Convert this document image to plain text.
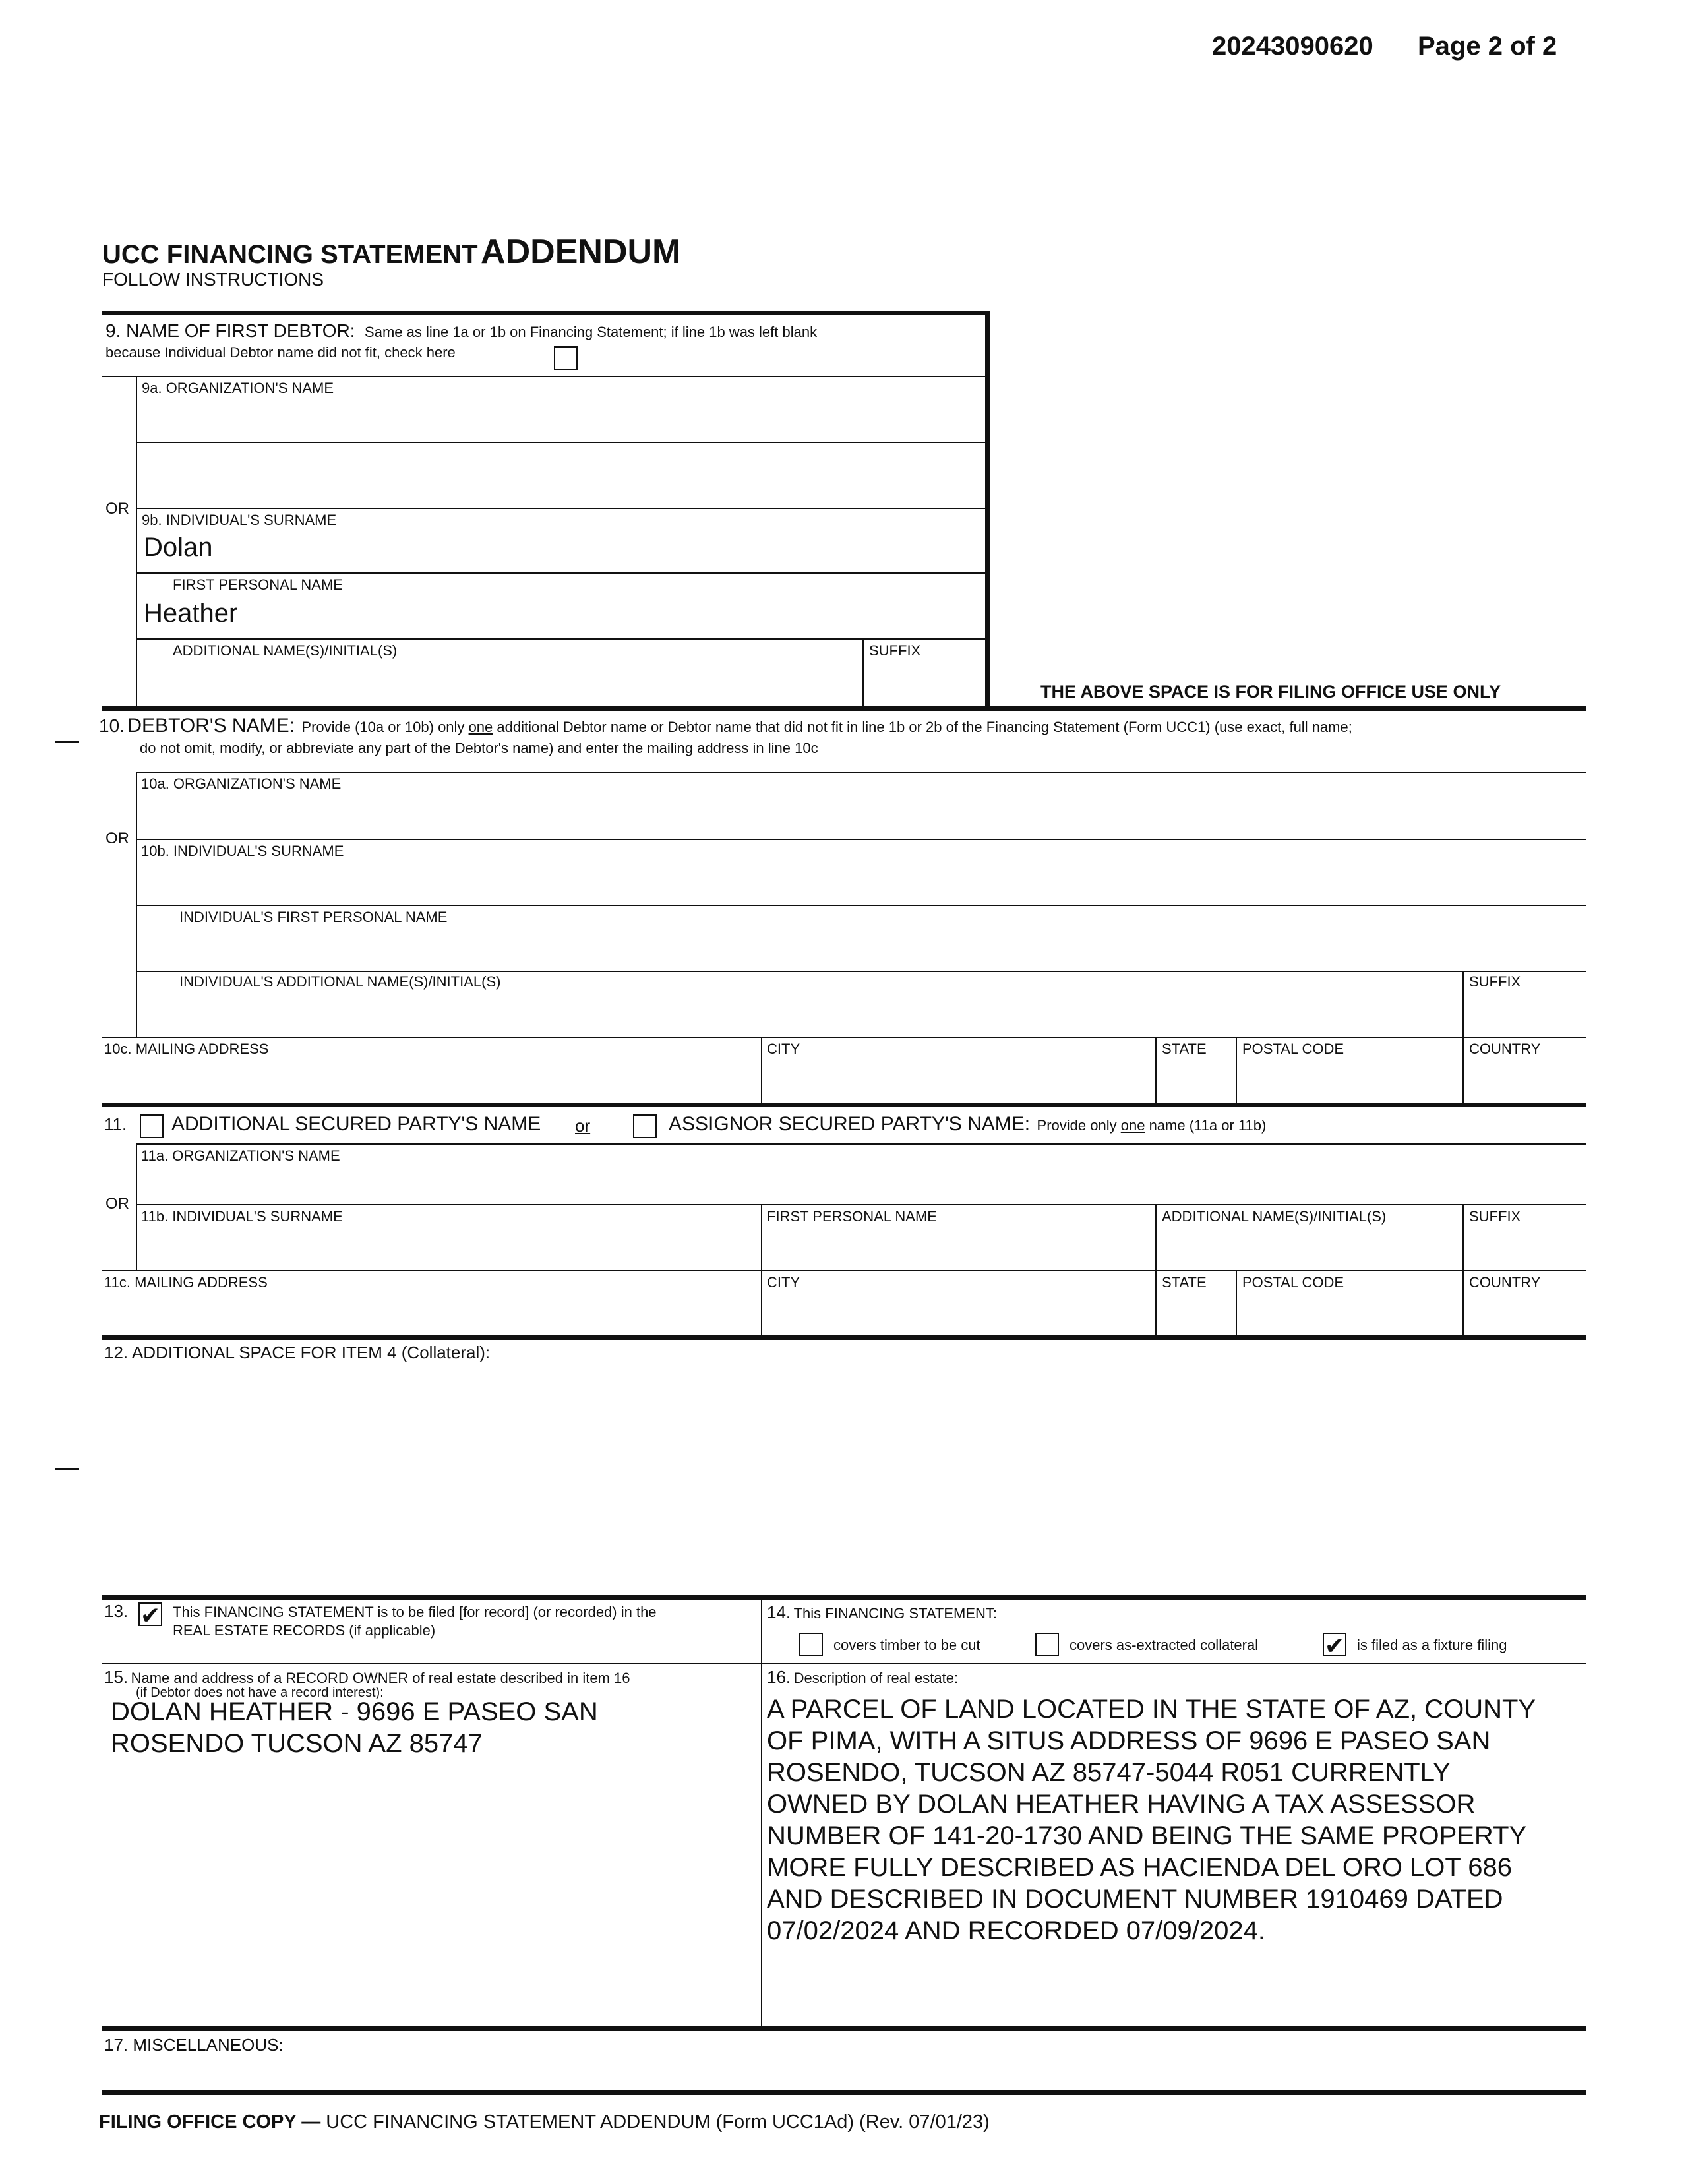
20243090620 Page 2 of 2
UCC FINANCING STATEMENT ADDENDUM
FOLLOW INSTRUCTIONS
9. NAME OF FIRST DEBTOR: Same as line 1a or 1b on Financing Statement; if line 1b was left blank
because Individual Debtor name did not fit, check here
9a. ORGANIZATION'S NAME
OR
9b. INDIVIDUAL'S SURNAME
Dolan
FIRST PERSONAL NAME
Heather
ADDITIONAL NAME(S)/INITIAL(S)	SUFFIX
THE ABOVE SPACE IS FOR FILING OFFICE USE ONLY
10. DEBTOR'S NAME: Provide (10a or 10b) only one additional Debtor name or Debtor name that did not fit in line 1b or 2b of the Financing Statement (Form UCC1) (use exact, full name;
do not omit, modify, or abbreviate any part of the Debtor's name) and enter the mailing address in line 10c
10a. ORGANIZATION'S NAME
OR
10b. INDIVIDUAL'S SURNAME
INDIVIDUAL'S FIRST PERSONAL NAME
INDIVIDUAL'S ADDITIONAL NAME(S)/INITIAL(S)	SUFFIX
10c. MAILING ADDRESS	CITY	STATE POSTAL CODE	COUNTRY
11. ADDITIONAL SECURED PARTY'S NAME or	ASSIGNOR SECURED PARTY'S NAME: Provide only one name (11a or 11b)
11a. ORGANIZATION'S NAME
OR
11b. INDIVIDUAL'S SURNAME	FIRST PERSONAL NAME	ADDITIONAL NAME(S)/INITIAL(S)	SUFFIX
11c. MAILING ADDRESS	CITY	STATE POSTAL CODE	COUNTRY
12. ADDITIONAL SPACE FOR ITEM 4 (Collateral):
13. ✔ This FINANCING STATEMENT is to be filed [for record] (or recorded) in the
REAL ESTATE RECORDS (if applicable)
14. This FINANCING STATEMENT:
covers timber to be cut	covers as-extracted collateral	✔ is filed as a fixture filing
15. Name and address of a RECORD OWNER of real estate described in item 16
(if Debtor does not have a record interest):
DOLAN HEATHER - 9696 E PASEO SAN
ROSENDO TUCSON AZ 85747
16. Description of real estate:
A PARCEL OF LAND LOCATED IN THE STATE OF AZ, COUNTY
OF PIMA, WITH A SITUS ADDRESS OF 9696 E PASEO SAN
ROSENDO, TUCSON AZ 85747-5044 R051 CURRENTLY
OWNED BY DOLAN HEATHER HAVING A TAX ASSESSOR
NUMBER OF 141-20-1730 AND BEING THE SAME PROPERTY
MORE FULLY DESCRIBED AS HACIENDA DEL ORO LOT 686
AND DESCRIBED IN DOCUMENT NUMBER 1910469 DATED
07/02/2024 AND RECORDED 07/09/2024.
17. MISCELLANEOUS:
FILING OFFICE COPY — UCC FINANCING STATEMENT ADDENDUM (Form UCC1Ad) (Rev. 07/01/23)
